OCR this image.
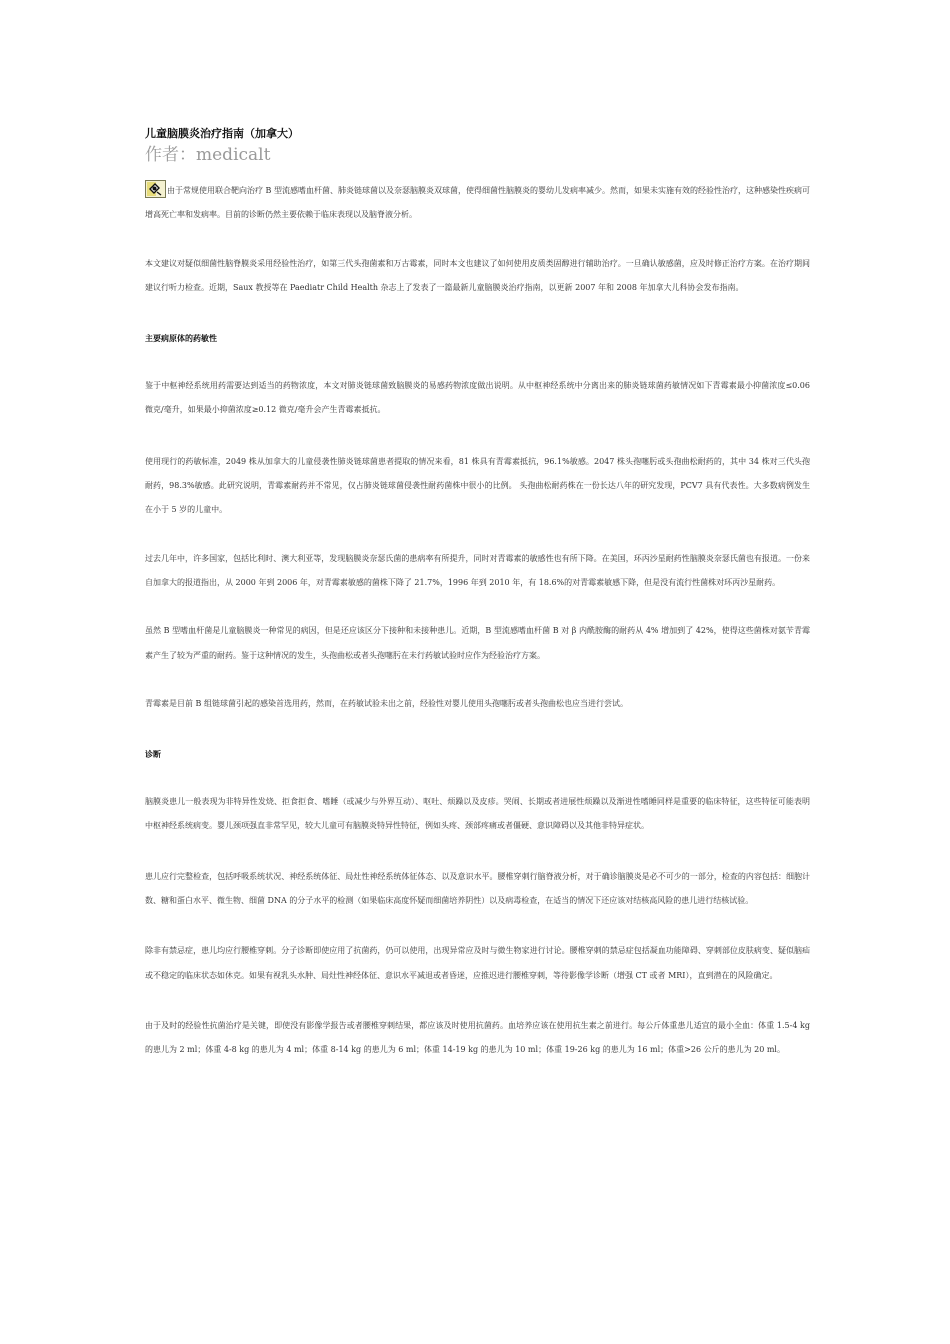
儿童脑膜炎治疗指南（加拿大）
作者：medicalt

由于常规使用联合靶向治疗 B 型流感嗜血杆菌、肺炎链球菌以及奈瑟脑膜炎双球菌，使得细菌性脑膜炎的婴幼儿发病率减少。然而，如果未实施有效的经验性治疗，这种感染性疾病可增高死亡率和发病率。目前的诊断仍然主要依赖于临床表现以及脑脊液分析。

本文建议对疑似细菌性脑脊膜炎采用经验性治疗，如第三代头孢菌素和万古霉素，同时本文也建议了如何使用皮质类固醇进行辅助治疗。一旦确认敏感菌，应及时修正治疗方案。在治疗期间建议行听力检查。近期，Saux 教授等在 Paediatr Child Health 杂志上了发表了一篇最新儿童脑膜炎治疗指南，以更新 2007 年和 2008 年加拿大儿科协会发布指南。

主要病原体的药敏性

鉴于中枢神经系统用药需要达到适当的药物浓度，本文对肺炎链球菌致脑膜炎的易感药物浓度做出说明。从中枢神经系统中分离出来的肺炎链球菌药敏情况如下青霉素最小抑菌浓度≤0.06 微克/毫升，如果最小抑菌浓度≥0.12 微克/毫升会产生青霉素抵抗。

使用现行的药敏标准，2049 株从加拿大的儿童侵袭性肺炎链球菌患者提取的情况来看，81 株具有青霉素抵抗，96.1%敏感。2047 株头孢噻肟或头孢曲松耐药的，其中 34 株对三代头孢耐药，98.3%敏感。此研究说明，青霉素耐药并不常见，仅占肺炎链球菌侵袭性耐药菌株中很小的比例。 头孢曲松耐药株在一份长达八年的研究发现，PCV7 具有代表性。大多数病例发生在小于 5 岁的儿童中。

过去几年中，许多国家，包括比利时、澳大利亚等，发现脑膜炎奈瑟氏菌的患病率有所提升，同时对青霉素的敏感性也有所下降。在美国，环丙沙星耐药性脑膜炎奈瑟氏菌也有报道。一份来自加拿大的报道指出，从 2000 年到 2006 年，对青霉素敏感的菌株下降了 21.7%，1996 年到 2010 年，有 18.6%的对青霉素敏感下降，但是没有流行性菌株对环丙沙星耐药。

虽然 B 型嗜血杆菌是儿童脑膜炎一种常见的病因，但是还应该区分下接种和未接种患儿。近期，B 型流感嗜血杆菌 B 对 β 内酰胺酶的耐药从 4% 增加到了 42%，使得这些菌株对氨苄青霉素产生了较为严重的耐药。鉴于这种情况的发生，头孢曲松或者头孢噻肟在未行药敏试验时应作为经验治疗方案。

青霉素是目前 B 组链球菌引起的感染首选用药，然而，在药敏试验未出之前，经验性对婴儿使用头孢噻肟或者头孢曲松也应当进行尝试。

诊断

脑膜炎患儿一般表现为非特异性发烧、拒食拒食、嗜睡（或减少与外界互动）、呕吐、烦躁以及皮疹。哭闹、长期或者进展性烦躁以及渐进性嗜睡同样是重要的临床特征，这些特征可能表明中枢神经系统病变。婴儿颈项强直非常罕见，较大儿童可有脑膜炎特异性特征，例如头疼、颈部疼痛或者僵硬、意识障碍以及其他非特异症状。

患儿应行完整检查，包括呼吸系统状况、神经系统体征、局灶性神经系统体征体态、以及意识水平。腰椎穿刺行脑脊液分析，对于确诊脑膜炎是必不可少的一部分，检查的内容包括：细胞计数、糖和蛋白水平、微生物、细菌 DNA 的分子水平的检测（如果临床高度怀疑而细菌培养阴性）以及病毒检查，在适当的情况下还应该对结核高风险的患儿进行结核试验。

除非有禁忌症，患儿均应行腰椎穿刺。分子诊断即使应用了抗菌药，仍可以使用，出现异常应及时与微生物家进行讨论。腰椎穿刺的禁忌症包括凝血功能障碍、穿刺部位皮肤病变、疑似脑疝或不稳定的临床状态如休克。如果有视乳头水肿、局灶性神经体征、意识水平减退或者昏迷，应推迟进行腰椎穿刺，等待影像学诊断（增强 CT 或者 MRI），直到潜在的风险确定。

由于及时的经验性抗菌治疗是关键，即使没有影像学报告或者腰椎穿刺结果，都应该及时使用抗菌药。血培养应该在使用抗生素之前进行。每公斤体重患儿适宜的最小全血：体重 1.5-4 kg 的患儿为 2 ml；体重 4-8 kg 的患儿为 4 ml；体重 8-14 kg 的患儿为 6 ml；体重 14-19 kg 的患儿为 10 ml；体重 19-26 kg 的患儿为 16 ml；体重>26 公斤的患儿为 20 ml。
